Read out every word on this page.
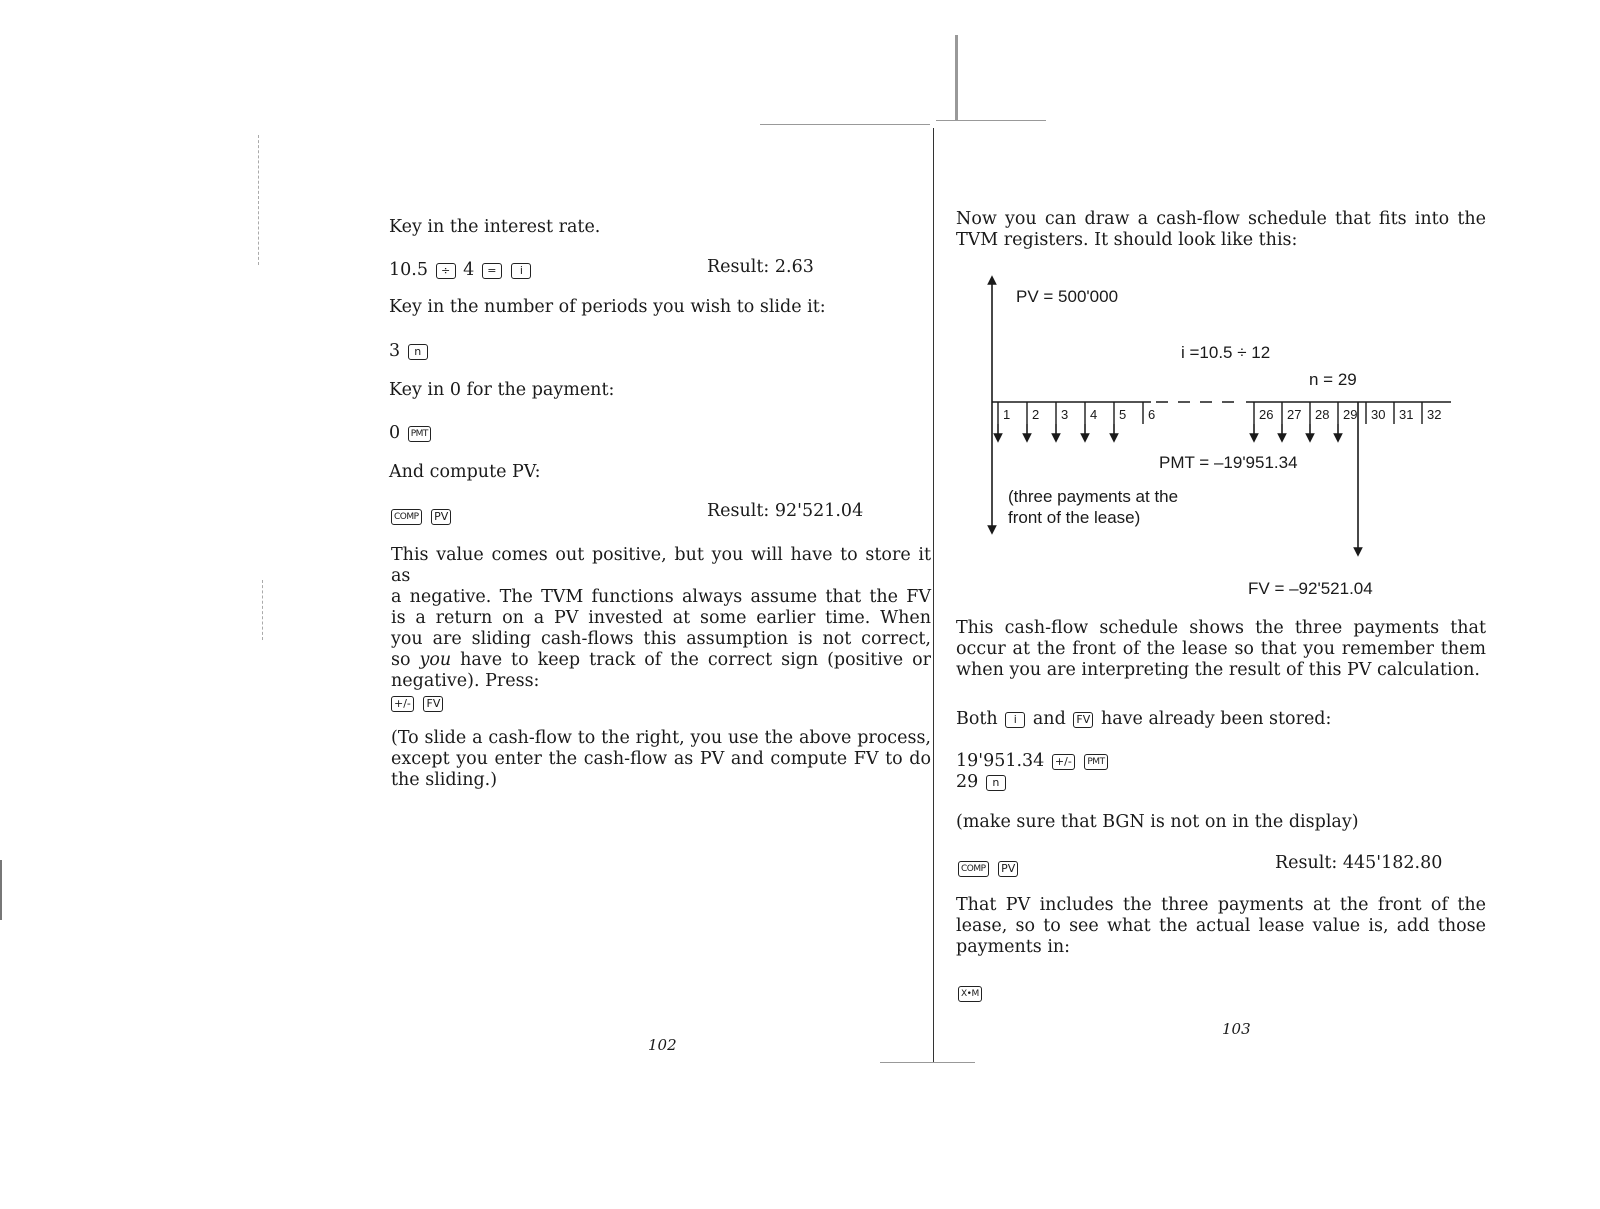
Key in the interest rate.

10.5 ÷ 4 = i	Result: 2.63

Key in the number of periods you wish to slide it:

3 n

Key in 0 for the payment:

0 PMT

And compute PV:

COMP PV	Result: 92'521.04
This value comes out positive, but you will have to store it as
a negative. The TVM functions always assume that the FV
is a return on a PV invested at some earlier time. When
you are sliding cash-flows this assumption is not correct,
so you have to keep track of the correct sign (positive or
negative). Press:
+/- FV
(To slide a cash-flow to the right, you use the above process,
except you enter the cash-flow as PV and compute FV to do
the sliding.)
102
Now you can draw a cash-flow schedule that fits into the
TVM registers. It should look like this:
PV = 500'000
i =10.5 ÷ 12
n = 29
1 2 3 4 5 6	26 27 28 29 30 31 32
PMT = –19'951.34
(three payments at the
front of the lease)
FV = –92'521.04
This cash-flow schedule shows the three payments that
occur at the front of the lease so that you remember them
when you are interpreting the result of this PV calculation.
Both i and FV have already been stored:
19'951.34 +/- PMT
29 n

(make sure that BGN is not on in the display)

COMP PV	Result: 445'182.80
That PV includes the three payments at the front of the
lease, so to see what the actual lease value is, add those
payments in:
X•M
103
